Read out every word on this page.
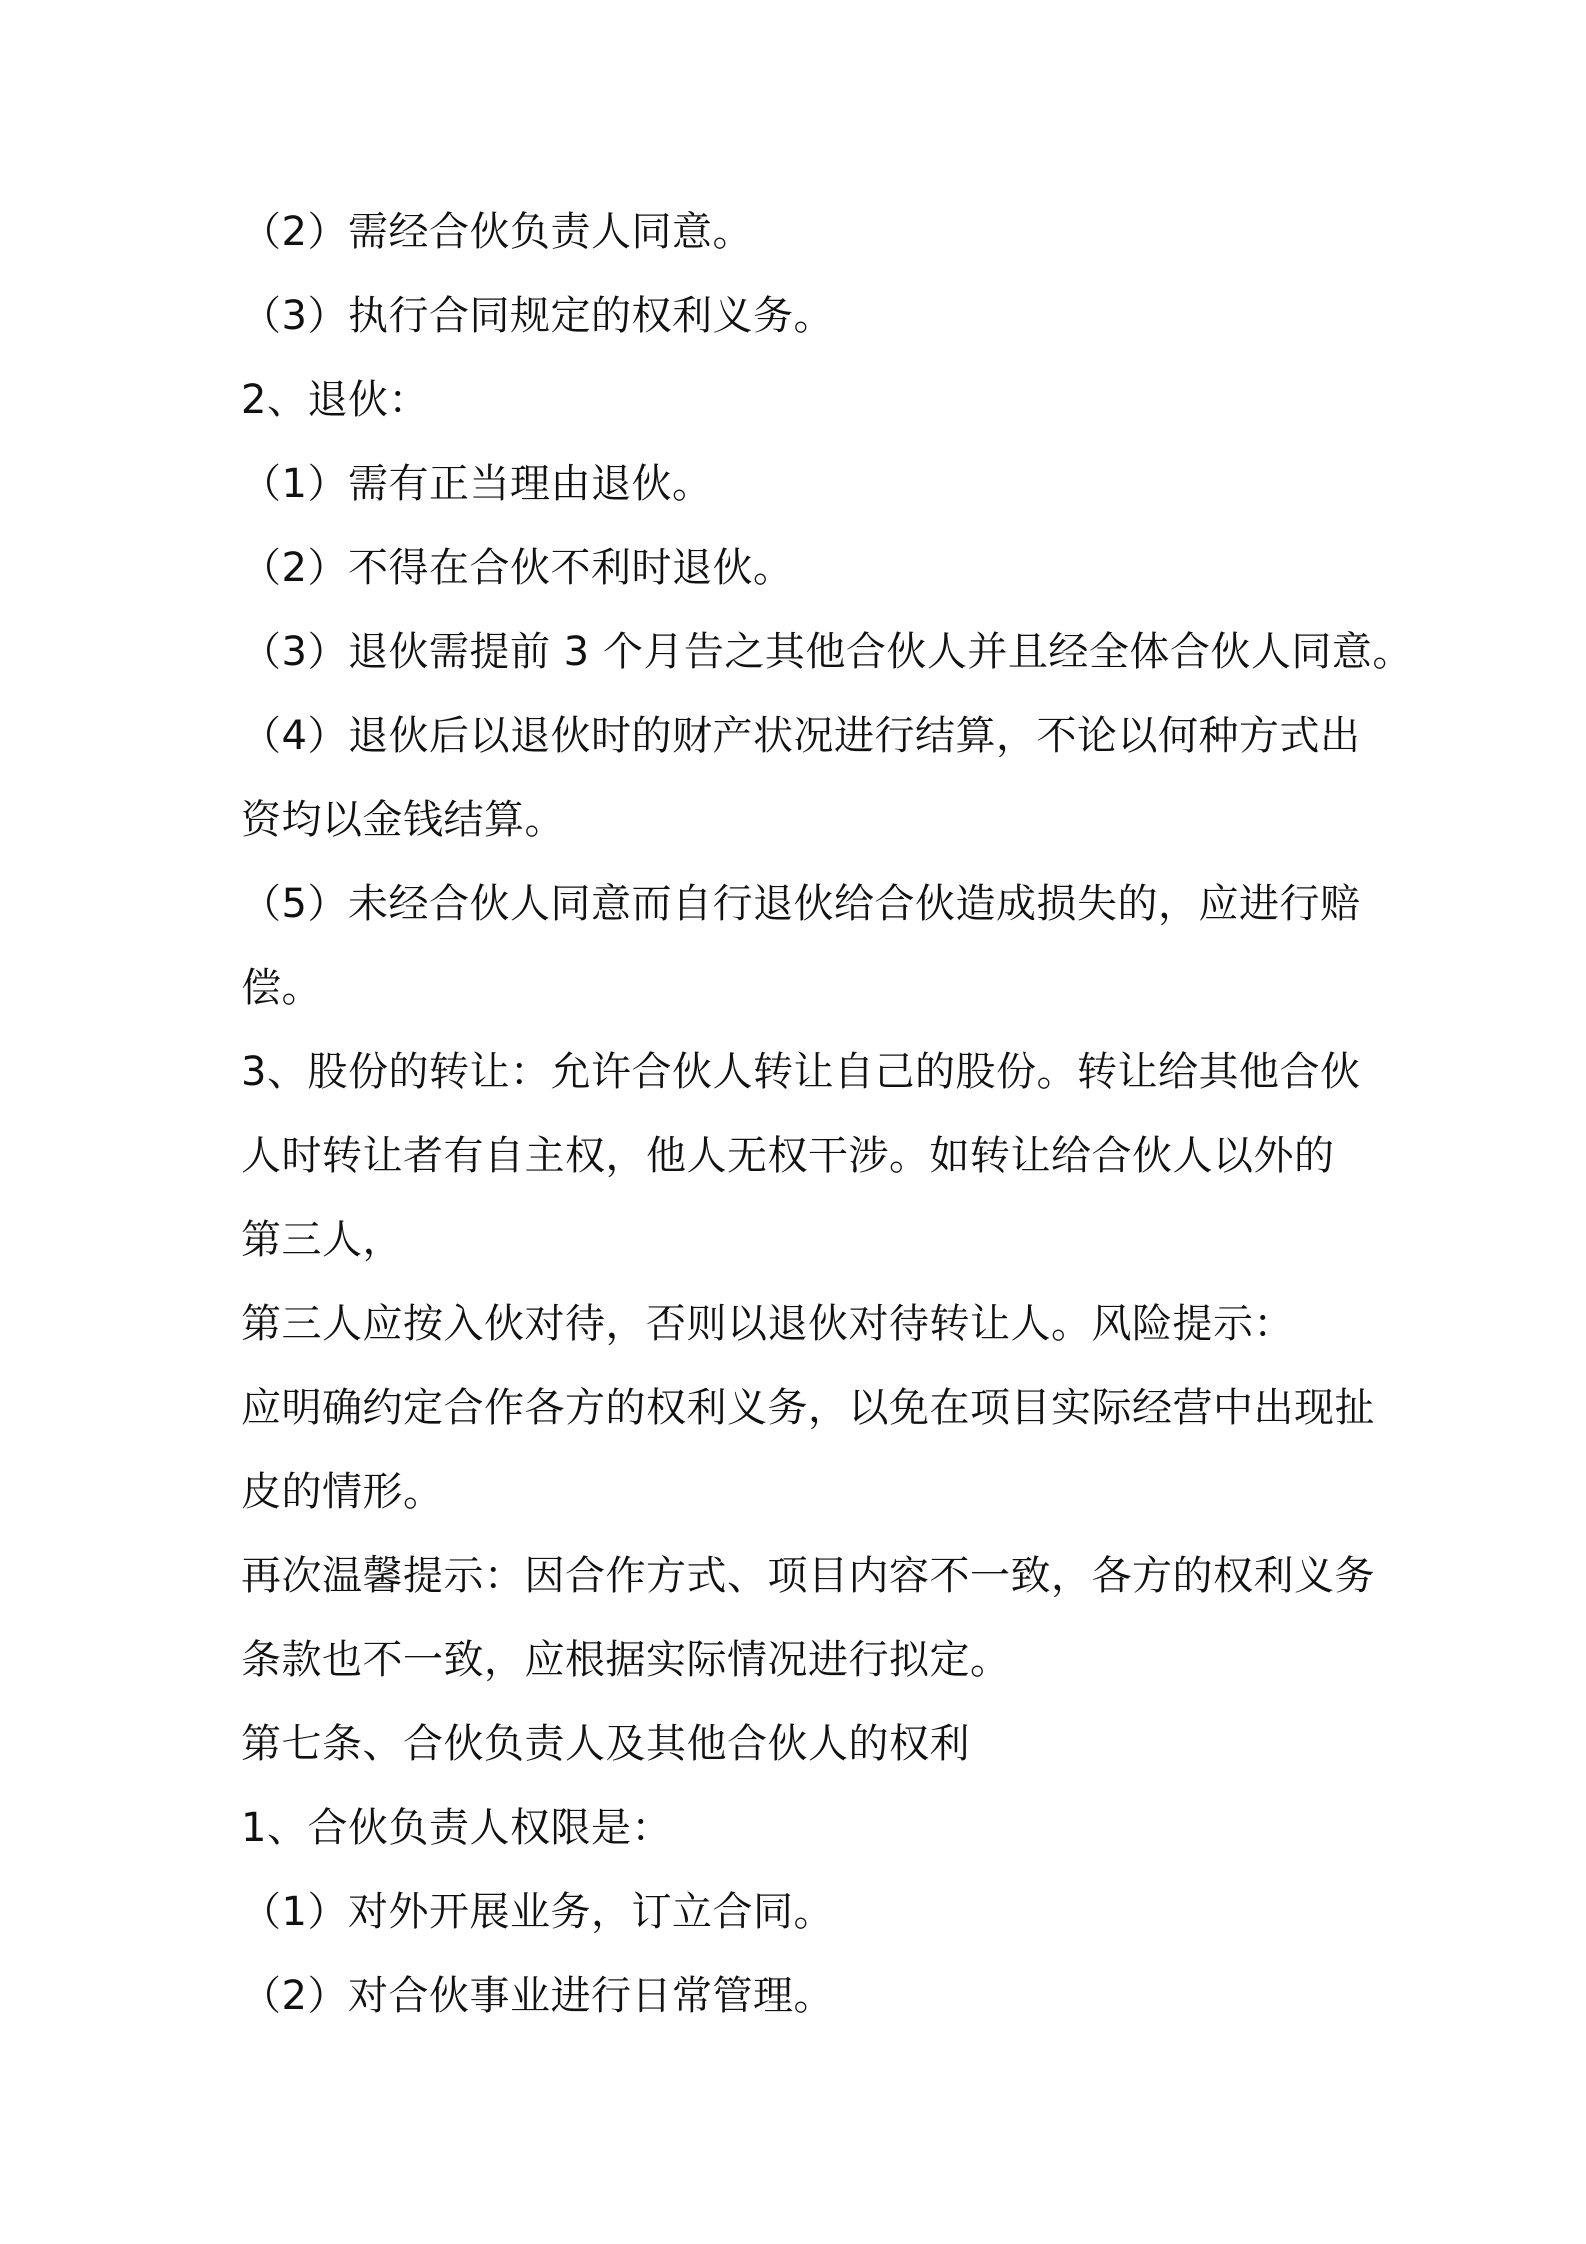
（2）需经合伙负责人同意。
（3）执行合同规定的权利义务。
2、退伙：
（1）需有正当理由退伙。
（2）不得在合伙不利时退伙。
（3）退伙需提前 3 个月告之其他合伙人并且经全体合伙人同意。
（4）退伙后以退伙时的财产状况进行结算，不论以何种方式出
资均以金钱结算。
（5）未经合伙人同意而自行退伙给合伙造成损失的，应进行赔
偿。
3、股份的转让：允许合伙人转让自己的股份。转让给其他合伙
人时转让者有自主权，他人无权干涉。如转让给合伙人以外的
第三人，
第三人应按入伙对待，否则以退伙对待转让人。风险提示：
应明确约定合作各方的权利义务，以免在项目实际经营中出现扯
皮的情形。
再次温馨提示：因合作方式、项目内容不一致，各方的权利义务
条款也不一致，应根据实际情况进行拟定。
第七条、合伙负责人及其他合伙人的权利
1、合伙负责人权限是：
（1）对外开展业务，订立合同。
（2）对合伙事业进行日常管理。
